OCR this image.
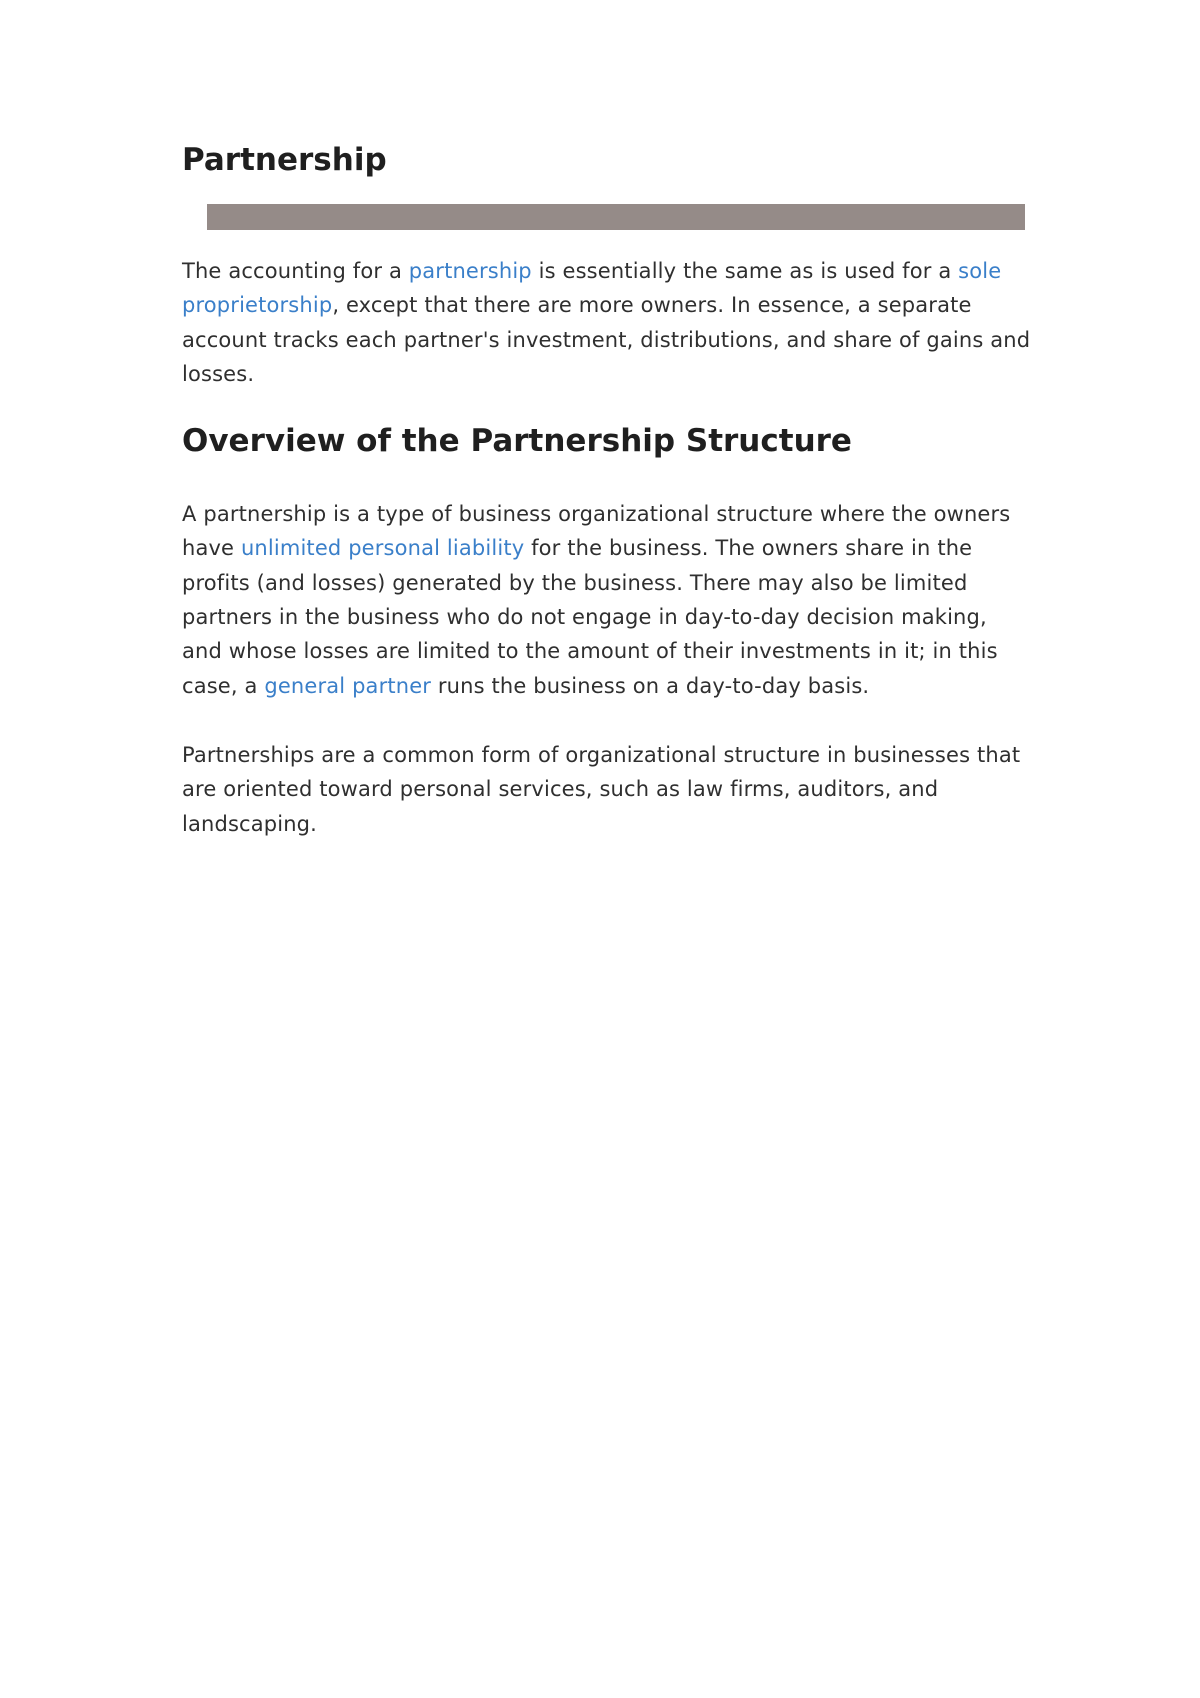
Partnership

The accounting for a partnership is essentially the same as is used for a sole proprietorship, except that there are more owners. In essence, a separate account tracks each partner's investment, distributions, and share of gains and losses.

Overview of the Partnership Structure

A partnership is a type of business organizational structure where the owners have unlimited personal liability for the business. The owners share in the profits (and losses) generated by the business. There may also be limited partners in the business who do not engage in day-to-day decision making, and whose losses are limited to the amount of their investments in it; in this case, a general partner runs the business on a day-to-day basis.

Partnerships are a common form of organizational structure in businesses that are oriented toward personal services, such as law firms, auditors, and landscaping.
